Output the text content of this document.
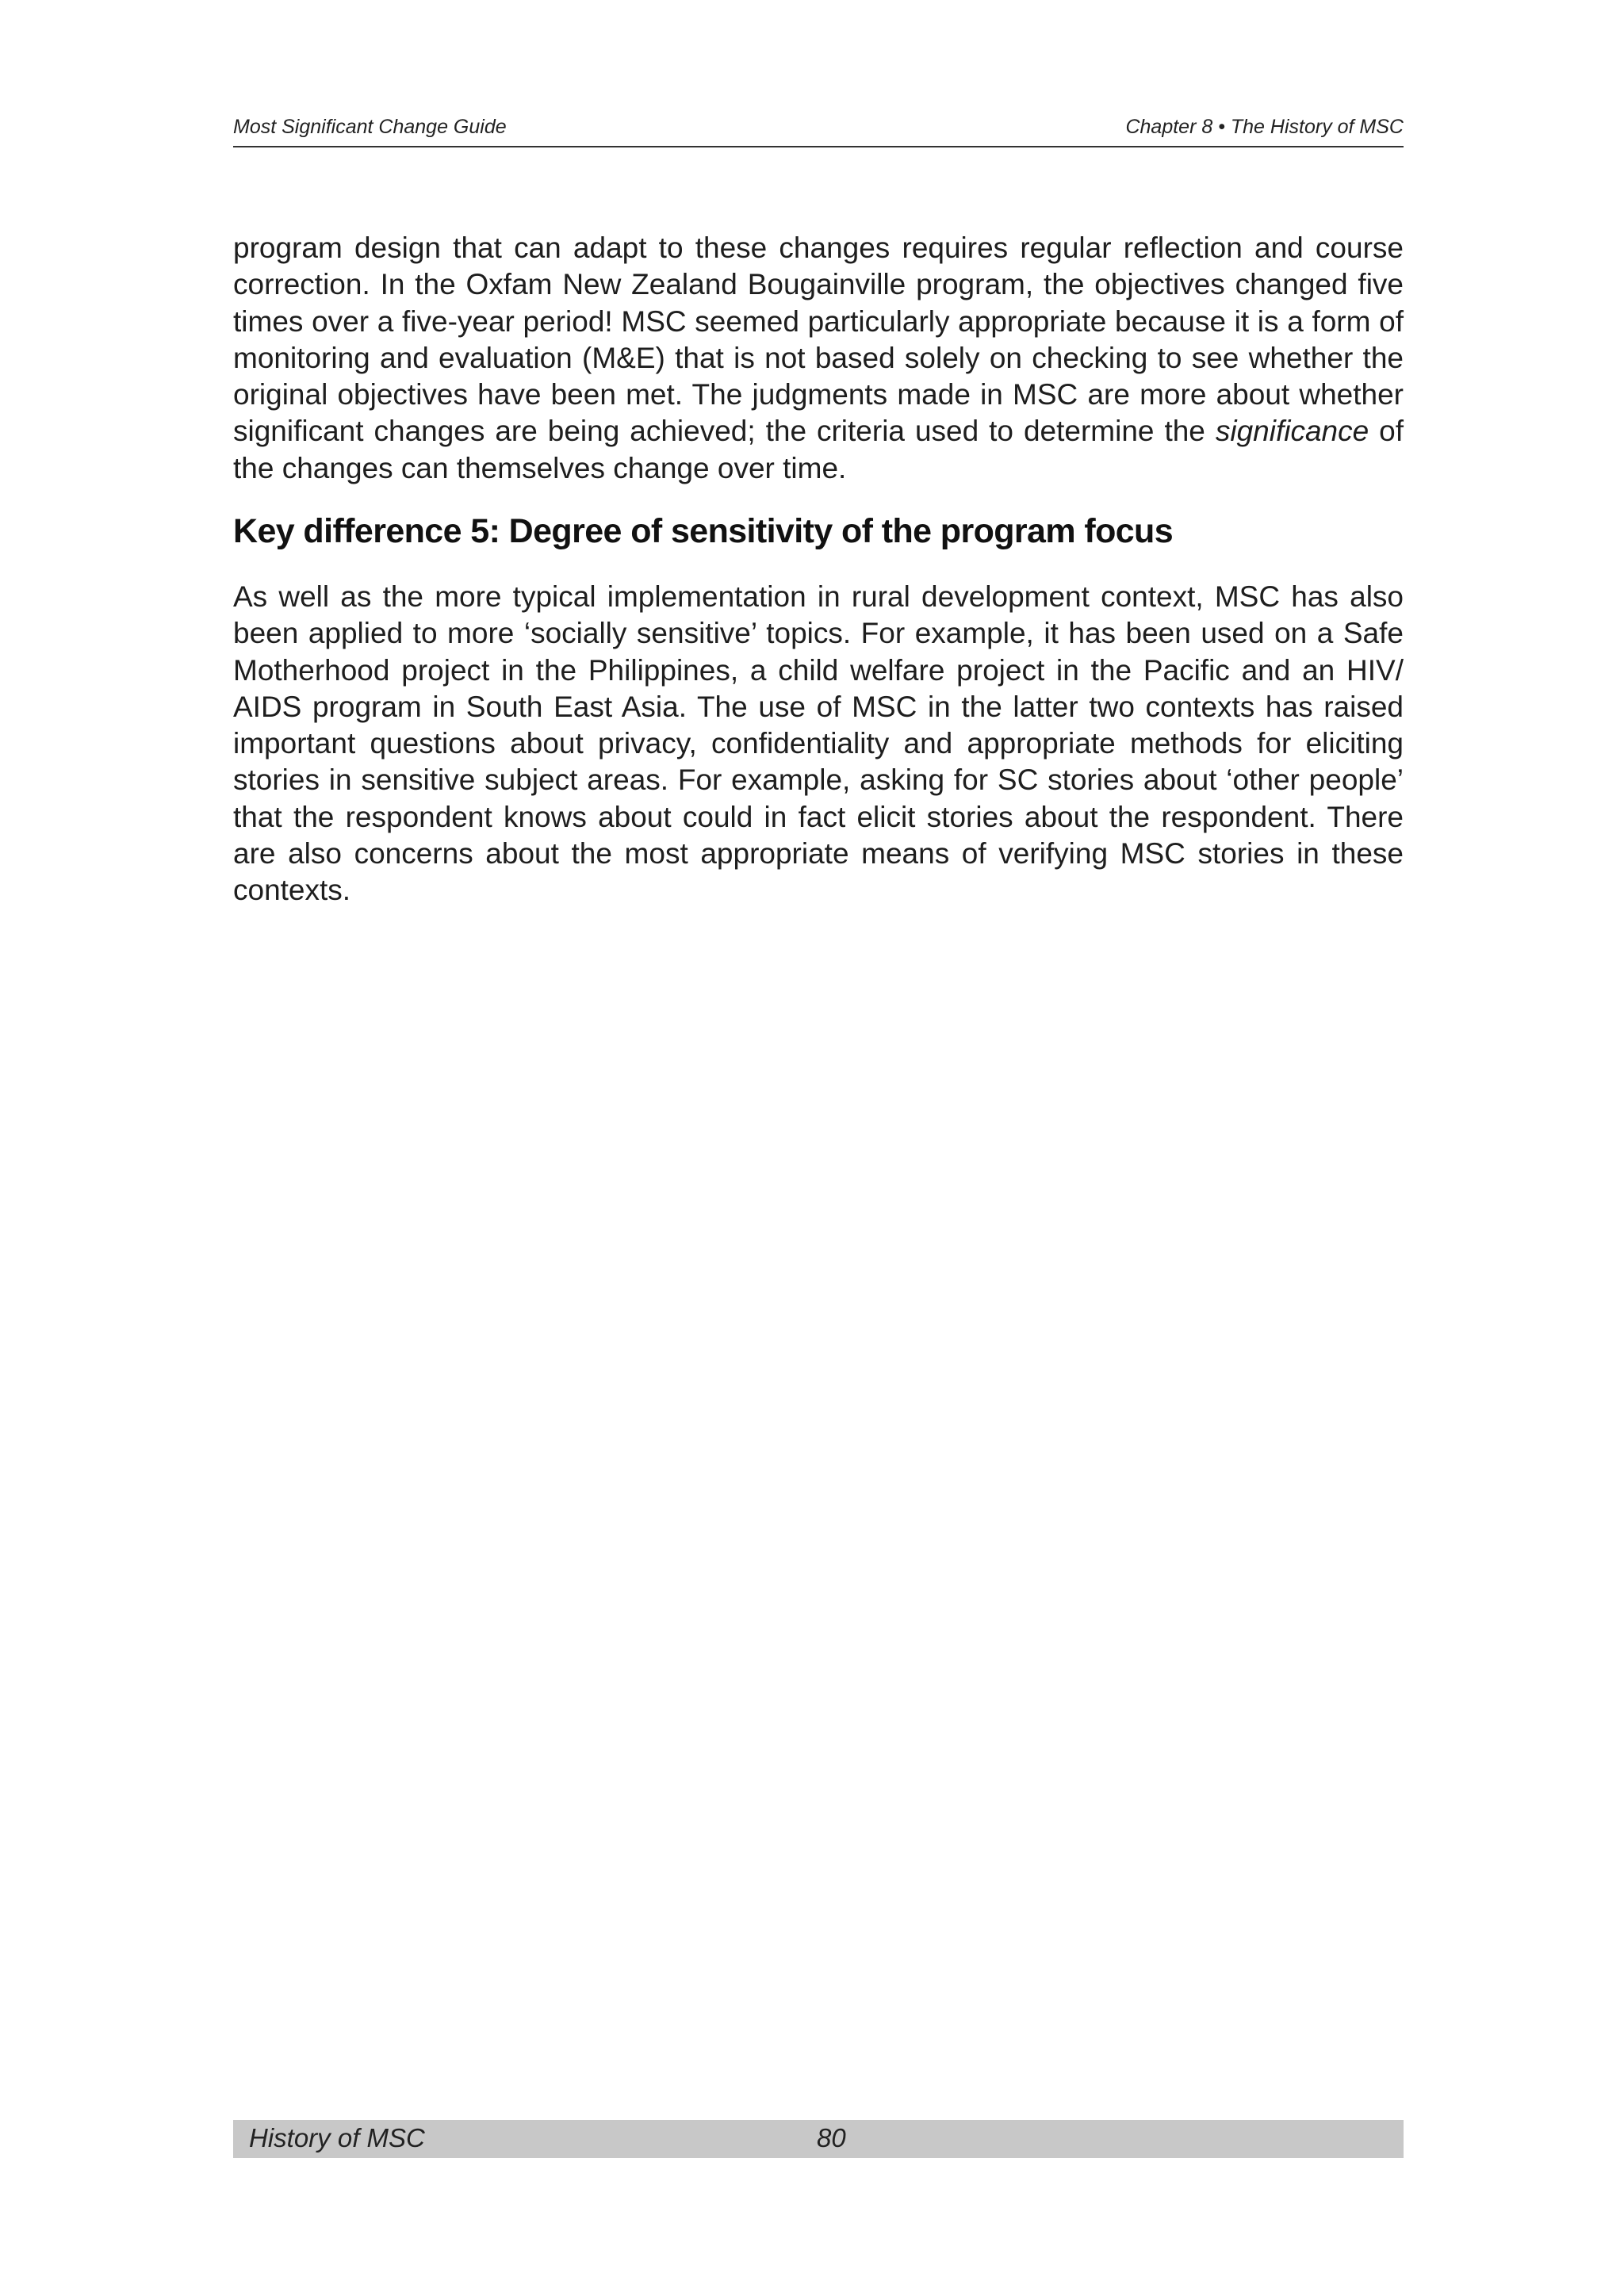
Most Significant Change Guide	Chapter 8 • The History of MSC

program design that can adapt to these changes requires regular reflection and course correction. In the Oxfam New Zealand Bougainville program, the objectives changed five times over a five-year period! MSC seemed particularly appropriate because it is a form of monitoring and evaluation (M&E) that is not based solely on checking to see whether the original objectives have been met. The judgments made in MSC are more about whether significant changes are being achieved; the criteria used to determine the significance of the changes can themselves change over time.

Key difference 5: Degree of sensitivity of the program focus

As well as the more typical implementation in rural development context, MSC has also been applied to more ‘socially sensitive’ topics. For example, it has been used on a Safe Motherhood project in the Philippines, a child welfare project in the Pacific and an HIV/ AIDS program in South East Asia. The use of MSC in the latter two contexts has raised important questions about privacy, confidentiality and appropriate methods for eliciting stories in sensitive subject areas. For example, asking for SC stories about ‘other people’ that the respondent knows about could in fact elicit stories about the respondent. There are also concerns about the most appropriate means of verifying MSC stories in these contexts.

History of MSC	80
